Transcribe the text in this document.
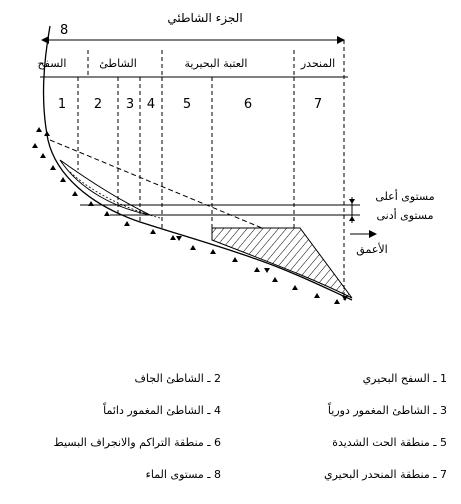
الجزء الشاطئي
8
السفح	الشاطئ	العتبة البحيرية	المنحدر
1 2 3 4 5	6	7
مستوى أعلى
مستوى أدنى
الأعمق
1 ـ السفح البحيري
3 ـ الشاطئ المغمور دورياً
5 ـ منطقة الحت الشديدة
7 ـ منطقة المنحدر البحيري
2 ـ الشاطئ الجاف
4 ـ الشاطئ المغمور دائماً
6 ـ منطقة التراكم والانجراف البسيط
8 ـ مستوى الماء
